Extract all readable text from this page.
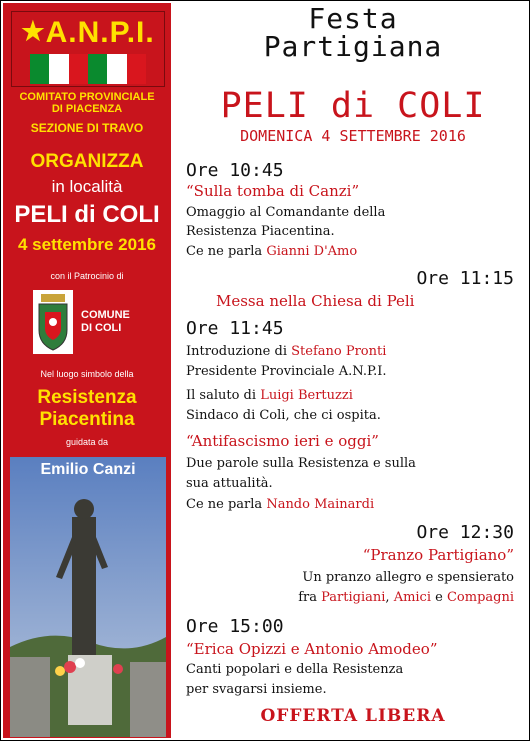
★A.N.P.I.
COMITATO PROVINCIALE
DI PIACENZA
SEZIONE DI TRAVO
ORGANIZZA
in località
PELI di COLI
4 settembre 2016
con il Patrocinio di
COMUNE
DI COLI
Nel luogo simbolo della
Resistenza
Piacentina
guidata da
Emilio Canzi
Festa
Partigiana
PELI di COLI
DOMENICA 4 SETTEMBRE 2016
Ore 10:45
“Sulla tomba di Canzi”
Omaggio al Comandante della
Resistenza Piacentina.
Ce ne parla Gianni D'Amo
Ore 11:15
Messa nella Chiesa di Peli
Ore 11:45
Introduzione di Stefano Pronti
Presidente Provinciale A.N.P.I.
Il saluto di Luigi Bertuzzi
Sindaco di Coli, che ci ospita.
“Antifascismo ieri e oggi”
Due parole sulla Resistenza e sulla
sua attualità.
Ce ne parla Nando Mainardi
Ore 12:30
“Pranzo Partigiano”
Un pranzo allegro e spensierato
fra Partigiani, Amici e Compagni
Ore 15:00
“Erica Opizzi e Antonio Amodeo”
Canti popolari e della Resistenza
per svagarsi insieme.
OFFERTA LIBERA
